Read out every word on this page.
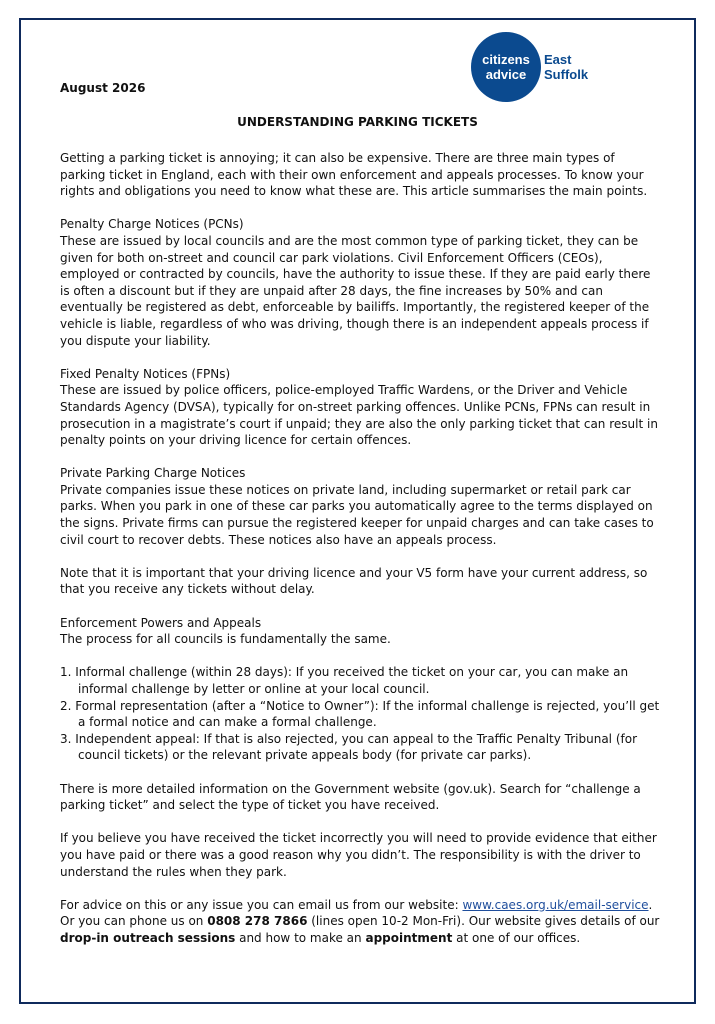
citizens
advice
East
Suffolk
August 2026
UNDERSTANDING PARKING TICKETS

Getting a parking ticket is annoying; it can also be expensive. There are three main types of parking ticket in England, each with their own enforcement and appeals processes. To know your rights and obligations you need to know what these are. This article summarises the main points.

Penalty Charge Notices (PCNs)
These are issued by local councils and are the most common type of parking ticket, they can be given for both on-street and council car park violations. Civil Enforcement Officers (CEOs), employed or contracted by councils, have the authority to issue these. If they are paid early there is often a discount but if they are unpaid after 28 days, the fine increases by 50% and can eventually be registered as debt, enforceable by bailiffs. Importantly, the registered keeper of the vehicle is liable, regardless of who was driving, though there is an independent appeals process if you dispute your liability.

Fixed Penalty Notices (FPNs)
These are issued by police officers, police-employed Traffic Wardens, or the Driver and Vehicle Standards Agency (DVSA), typically for on-street parking offences. Unlike PCNs, FPNs can result in prosecution in a magistrate’s court if unpaid; they are also the only parking ticket that can result in penalty points on your driving licence for certain offences.

Private Parking Charge Notices
Private companies issue these notices on private land, including supermarket or retail park car parks. When you park in one of these car parks you automatically agree to the terms displayed on the signs. Private firms can pursue the registered keeper for unpaid charges and can take cases to civil court to recover debts. These notices also have an appeals process.

Note that it is important that your driving licence and your V5 form have your current address, so that you receive any tickets without delay.

Enforcement Powers and Appeals
The process for all councils is fundamentally the same.

1. Informal challenge (within 28 days): If you received the ticket on your car, you can make an informal challenge by letter or online at your local council.
2. Formal representation (after a “Notice to Owner”): If the informal challenge is rejected, you’ll get a formal notice and can make a formal challenge.
3. Independent appeal: If that is also rejected, you can appeal to the Traffic Penalty Tribunal (for council tickets) or the relevant private appeals body (for private car parks).

There is more detailed information on the Government website (gov.uk). Search for “challenge a parking ticket” and select the type of ticket you have received.

If you believe you have received the ticket incorrectly you will need to provide evidence that either you have paid or there was a good reason why you didn’t. The responsibility is with the driver to understand the rules when they park.

For advice on this or any issue you can email us from our website: www.caes.org.uk/email-service. Or you can phone us on 0808 278 7866 (lines open 10-2 Mon-Fri). Our website gives details of our drop-in outreach sessions and how to make an appointment at one of our offices.
